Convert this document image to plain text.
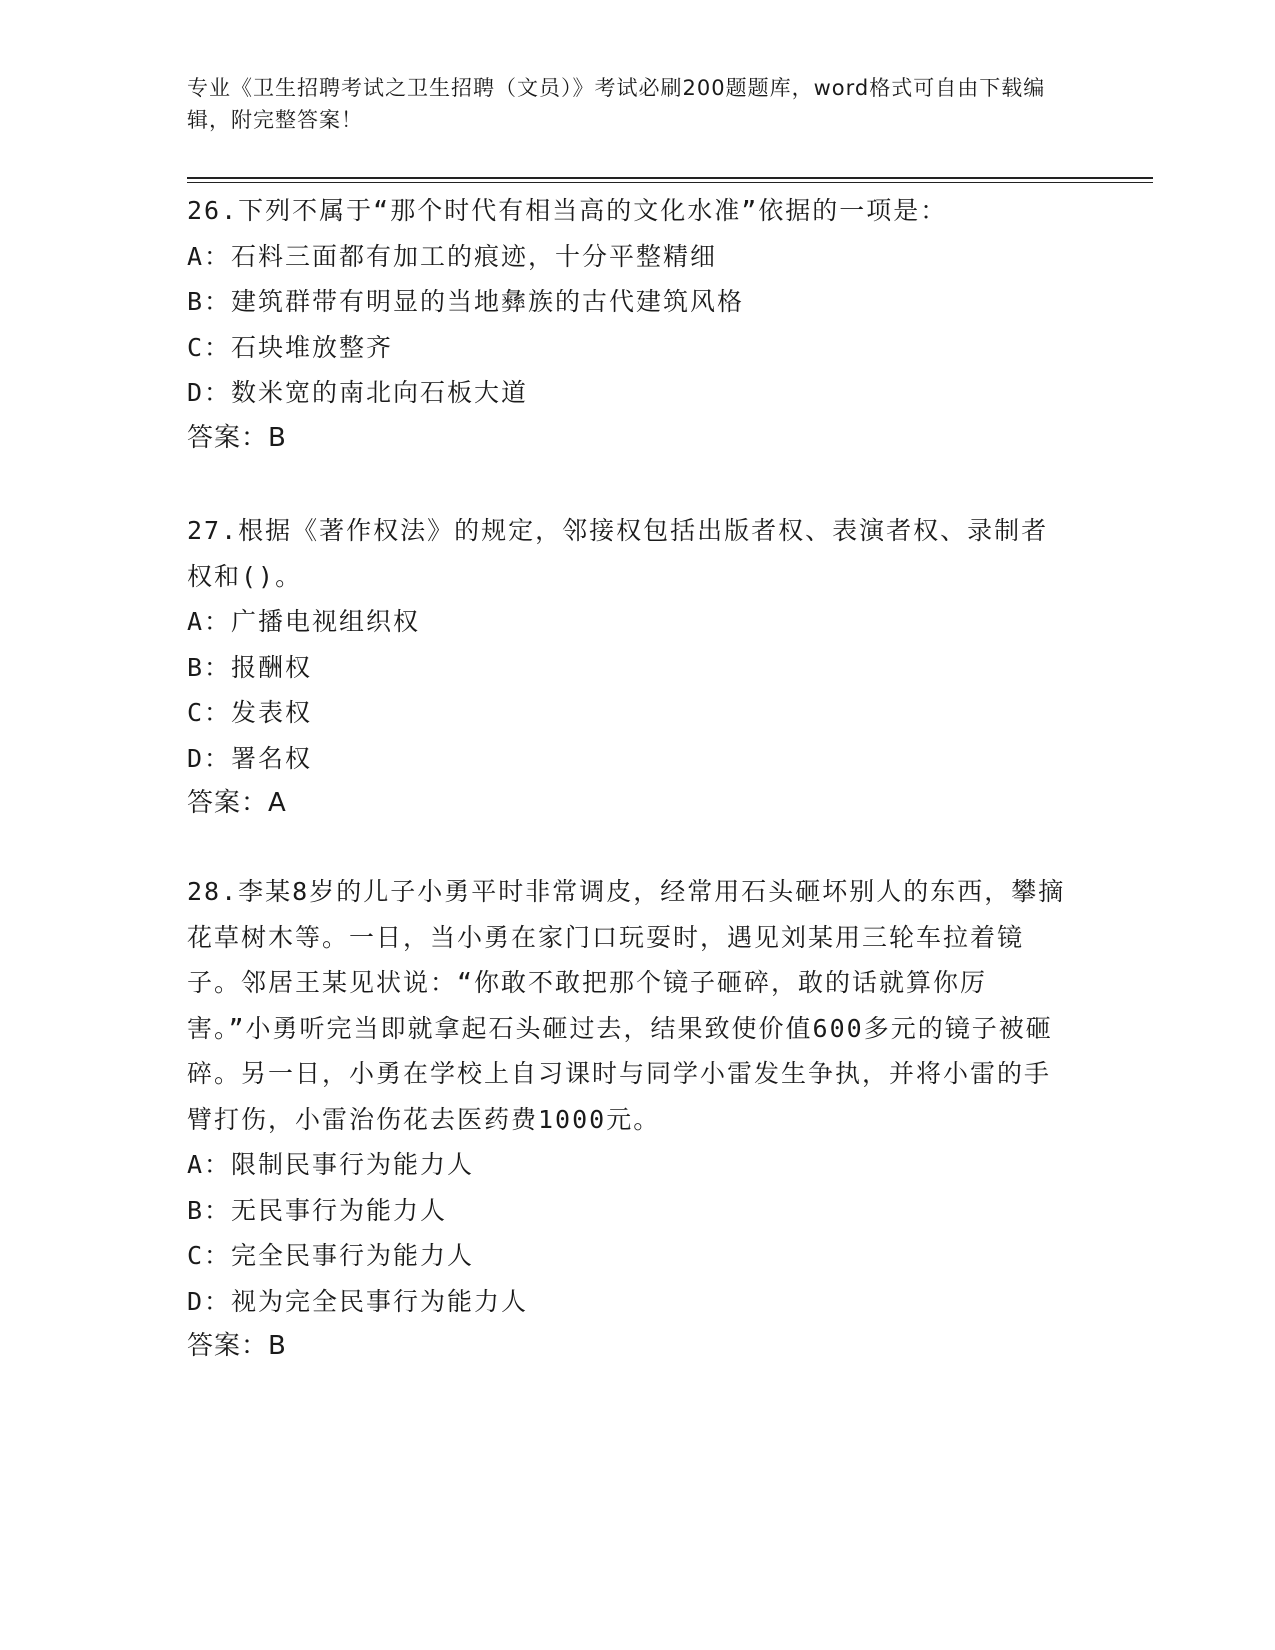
专业《卫生招聘考试之卫生招聘（文员）》考试必刷200题题库，word格式可自由下载编辑，附完整答案！
26.下列不属于“那个时代有相当高的文化水准”依据的一项是：
A：石料三面都有加工的痕迹，十分平整精细
B：建筑群带有明显的当地彝族的古代建筑风格
C：石块堆放整齐
D：数米宽的南北向石板大道
答案：B
27.根据《著作权法》的规定，邻接权包括出版者权、表演者权、录制者权和()。
A：广播电视组织权
B：报酬权
C：发表权
D：署名权
答案：A
28.李某8岁的儿子小勇平时非常调皮，经常用石头砸坏别人的东西，攀摘花草树木等。一日，当小勇在家门口玩耍时，遇见刘某用三轮车拉着镜子。邻居王某见状说：“你敢不敢把那个镜子砸碎，敢的话就算你厉害。”小勇听完当即就拿起石头砸过去，结果致使价值600多元的镜子被砸碎。另一日，小勇在学校上自习课时与同学小雷发生争执，并将小雷的手臂打伤，小雷治伤花去医药费1000元。
A：限制民事行为能力人
B：无民事行为能力人
C：完全民事行为能力人
D：视为完全民事行为能力人
答案：B
